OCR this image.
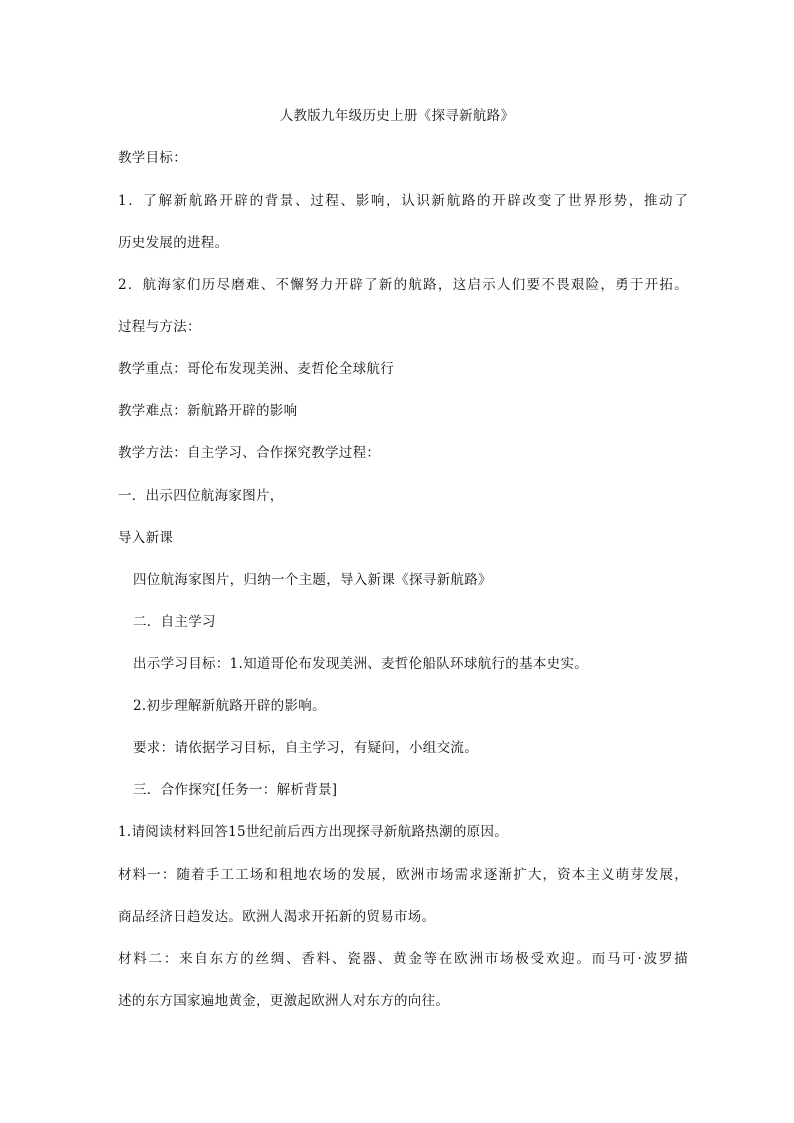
人教版九年级历史上册《探寻新航路》
教学目标：
1．了解新航路开辟的背景、过程、影响，认识新航路的开辟改变了世界形势，推动了
历史发展的进程。
2．航海家们历尽磨难、不懈努力开辟了新的航路，这启示人们要不畏艰险，勇于开拓。
过程与方法：
教学重点：哥伦布发现美洲、麦哲伦全球航行
教学难点：新航路开辟的影响
教学方法：自主学习、合作探究教学过程：
一．出示四位航海家图片，
导入新课
四位航海家图片，归纳一个主题，导入新课《探寻新航路》
二．自主学习
出示学习目标：1.知道哥伦布发现美洲、麦哲伦船队环球航行的基本史实。
2.初步理解新航路开辟的影响。
要求：请依据学习目标，自主学习，有疑问，小组交流。
三．合作探究[任务一：解析背景]
1.请阅读材料回答15世纪前后西方出现探寻新航路热潮的原因。
材料一：随着手工工场和租地农场的发展，欧洲市场需求逐渐扩大，资本主义萌芽发展，
商品经济日趋发达。欧洲人渴求开拓新的贸易市场。
材料二：来自东方的丝绸、香料、瓷器、黄金等在欧洲市场极受欢迎。而马可·波罗描
述的东方国家遍地黄金，更激起欧洲人对东方的向往。
